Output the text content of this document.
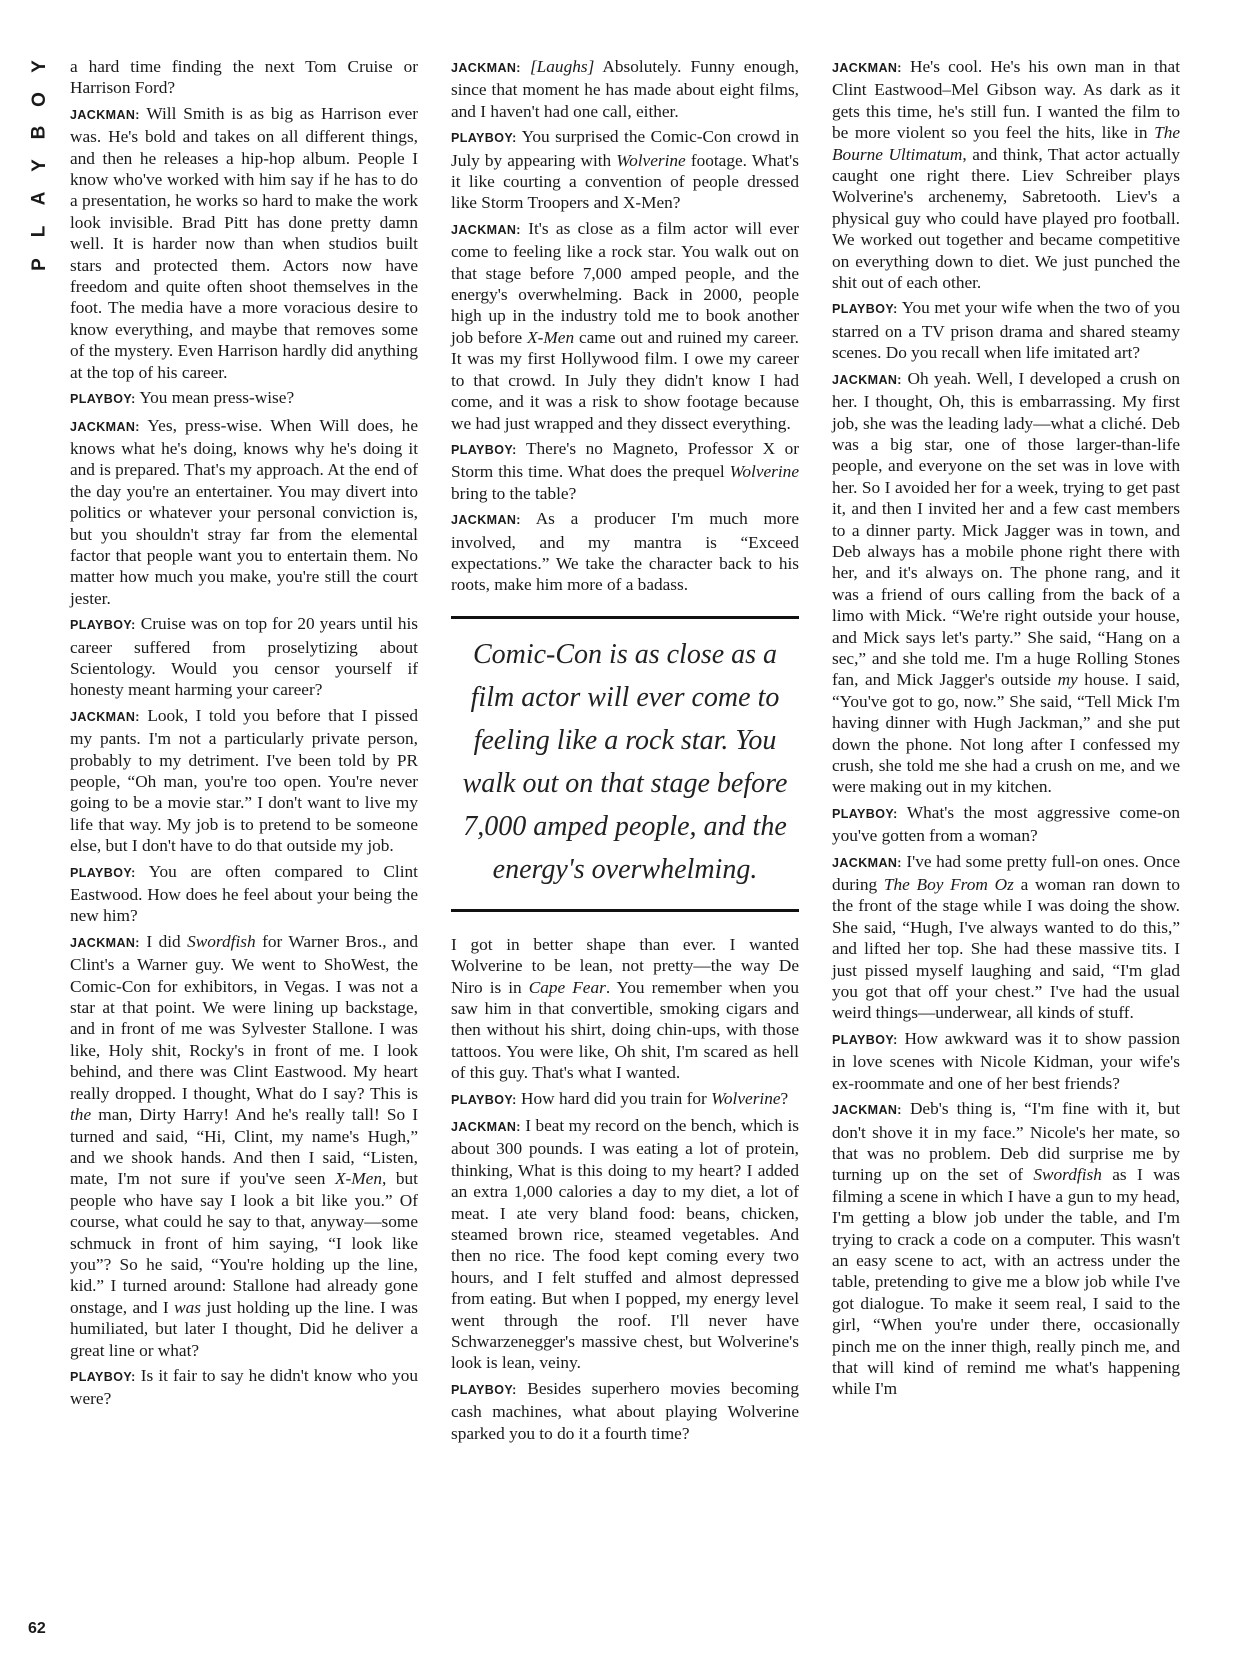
Y
O
B
Y
A
L
P
62

a hard time finding the next Tom Cruise or Harrison Ford?

JACKMAN: Will Smith is as big as Harrison ever was. He's bold and takes on all different things, and then he releases a hip-hop album. People I know who've worked with him say if he has to do a presentation, he works so hard to make the work look invisible. Brad Pitt has done pretty damn well. It is harder now than when studios built stars and protected them. Actors now have freedom and quite often shoot themselves in the foot. The media have a more voracious desire to know everything, and maybe that removes some of the mystery. Even Harrison hardly did anything at the top of his career.

PLAYBOY: You mean press-wise?

JACKMAN: Yes, press-wise. When Will does, he knows what he's doing, knows why he's doing it and is prepared. That's my approach. At the end of the day you're an entertainer. You may divert into politics or whatever your personal conviction is, but you shouldn't stray far from the elemental factor that people want you to entertain them. No matter how much you make, you're still the court jester.

PLAYBOY: Cruise was on top for 20 years until his career suffered from proselytizing about Scientology. Would you censor yourself if honesty meant harming your career?

JACKMAN: Look, I told you before that I pissed my pants. I'm not a particularly private person, probably to my detriment. I've been told by PR people, “Oh man, you're too open. You're never going to be a movie star.” I don't want to live my life that way. My job is to pretend to be someone else, but I don't have to do that outside my job.

PLAYBOY: You are often compared to Clint Eastwood. How does he feel about your being the new him?

JACKMAN: I did Swordfish for Warner Bros., and Clint's a Warner guy. We went to ShoWest, the Comic-Con for exhibitors, in Vegas. I was not a star at that point. We were lining up backstage, and in front of me was Sylvester Stallone. I was like, Holy shit, Rocky's in front of me. I look behind, and there was Clint Eastwood. My heart really dropped. I thought, What do I say? This is the man, Dirty Harry! And he's really tall! So I turned and said, “Hi, Clint, my name's Hugh,” and we shook hands. And then I said, “Listen, mate, I'm not sure if you've seen X-Men, but people who have say I look a bit like you.” Of course, what could he say to that, anyway—some schmuck in front of him saying, “I look like you”? So he said, “You're holding up the line, kid.” I turned around: Stallone had already gone onstage, and I was just holding up the line. I was humiliated, but later I thought, Did he deliver a great line or what?

PLAYBOY: Is it fair to say he didn't know who you were?

JACKMAN: [Laughs] Absolutely. Funny enough, since that moment he has made about eight films, and I haven't had one call, either.

PLAYBOY: You surprised the Comic-Con crowd in July by appearing with Wolverine footage. What's it like courting a convention of people dressed like Storm Troopers and X-Men?

JACKMAN: It's as close as a film actor will ever come to feeling like a rock star. You walk out on that stage before 7,000 amped people, and the energy's overwhelming. Back in 2000, people high up in the industry told me to book another job before X-Men came out and ruined my career. It was my first Hollywood film. I owe my career to that crowd. In July they didn't know I had come, and it was a risk to show footage because we had just wrapped and they dissect everything.

PLAYBOY: There's no Magneto, Professor X or Storm this time. What does the prequel Wolverine bring to the table?

JACKMAN: As a producer I'm much more involved, and my mantra is “Exceed expectations.” We take the character back to his roots, make him more of a badass.

Comic-Con is as close as a film actor will ever come to feeling like a rock star. You walk out on that stage before 7,000 amped people, and the energy's overwhelming.

I got in better shape than ever. I wanted Wolverine to be lean, not pretty—the way De Niro is in Cape Fear. You remember when you saw him in that convertible, smoking cigars and then without his shirt, doing chin-ups, with those tattoos. You were like, Oh shit, I'm scared as hell of this guy. That's what I wanted.

PLAYBOY: How hard did you train for Wolverine?

JACKMAN: I beat my record on the bench, which is about 300 pounds. I was eating a lot of protein, thinking, What is this doing to my heart? I added an extra 1,000 calories a day to my diet, a lot of meat. I ate very bland food: beans, chicken, steamed brown rice, steamed vegetables. And then no rice. The food kept coming every two hours, and I felt stuffed and almost depressed from eating. But when I popped, my energy level went through the roof. I'll never have Schwarzenegger's massive chest, but Wolverine's look is lean, veiny.

PLAYBOY: Besides superhero movies becoming cash machines, what about playing Wolverine sparked you to do it a fourth time?

JACKMAN: He's cool. He's his own man in that Clint Eastwood–Mel Gibson way. As dark as it gets this time, he's still fun. I wanted the film to be more violent so you feel the hits, like in The Bourne Ultimatum, and think, That actor actually caught one right there. Liev Schreiber plays Wolverine's archenemy, Sabretooth. Liev's a physical guy who could have played pro football. We worked out together and became competitive on everything down to diet. We just punched the shit out of each other.

PLAYBOY: You met your wife when the two of you starred on a TV prison drama and shared steamy scenes. Do you recall when life imitated art?

JACKMAN: Oh yeah. Well, I developed a crush on her. I thought, Oh, this is embarrassing. My first job, she was the leading lady—what a cliché. Deb was a big star, one of those larger-than-life people, and everyone on the set was in love with her. So I avoided her for a week, trying to get past it, and then I invited her and a few cast members to a dinner party. Mick Jagger was in town, and Deb always has a mobile phone right there with her, and it's always on. The phone rang, and it was a friend of ours calling from the back of a limo with Mick. “We're right outside your house, and Mick says let's party.” She said, “Hang on a sec,” and she told me. I'm a huge Rolling Stones fan, and Mick Jagger's outside my house. I said, “You've got to go, now.” She said, “Tell Mick I'm having dinner with Hugh Jackman,” and she put down the phone. Not long after I confessed my crush, she told me she had a crush on me, and we were making out in my kitchen.

PLAYBOY: What's the most aggressive come-on you've gotten from a woman?

JACKMAN: I've had some pretty full-on ones. Once during The Boy From Oz a woman ran down to the front of the stage while I was doing the show. She said, “Hugh, I've always wanted to do this,” and lifted her top. She had these massive tits. I just pissed myself laughing and said, “I'm glad you got that off your chest.” I've had the usual weird things—underwear, all kinds of stuff.

PLAYBOY: How awkward was it to show passion in love scenes with Nicole Kidman, your wife's ex-roommate and one of her best friends?

JACKMAN: Deb's thing is, “I'm fine with it, but don't shove it in my face.” Nicole's her mate, so that was no problem. Deb did surprise me by turning up on the set of Swordfish as I was filming a scene in which I have a gun to my head, I'm getting a blow job under the table, and I'm trying to crack a code on a computer. This wasn't an easy scene to act, with an actress under the table, pretending to give me a blow job while I've got dialogue. To make it seem real, I said to the girl, “When you're under there, occasionally pinch me on the inner thigh, really pinch me, and that will kind of remind me what's happening while I'm
